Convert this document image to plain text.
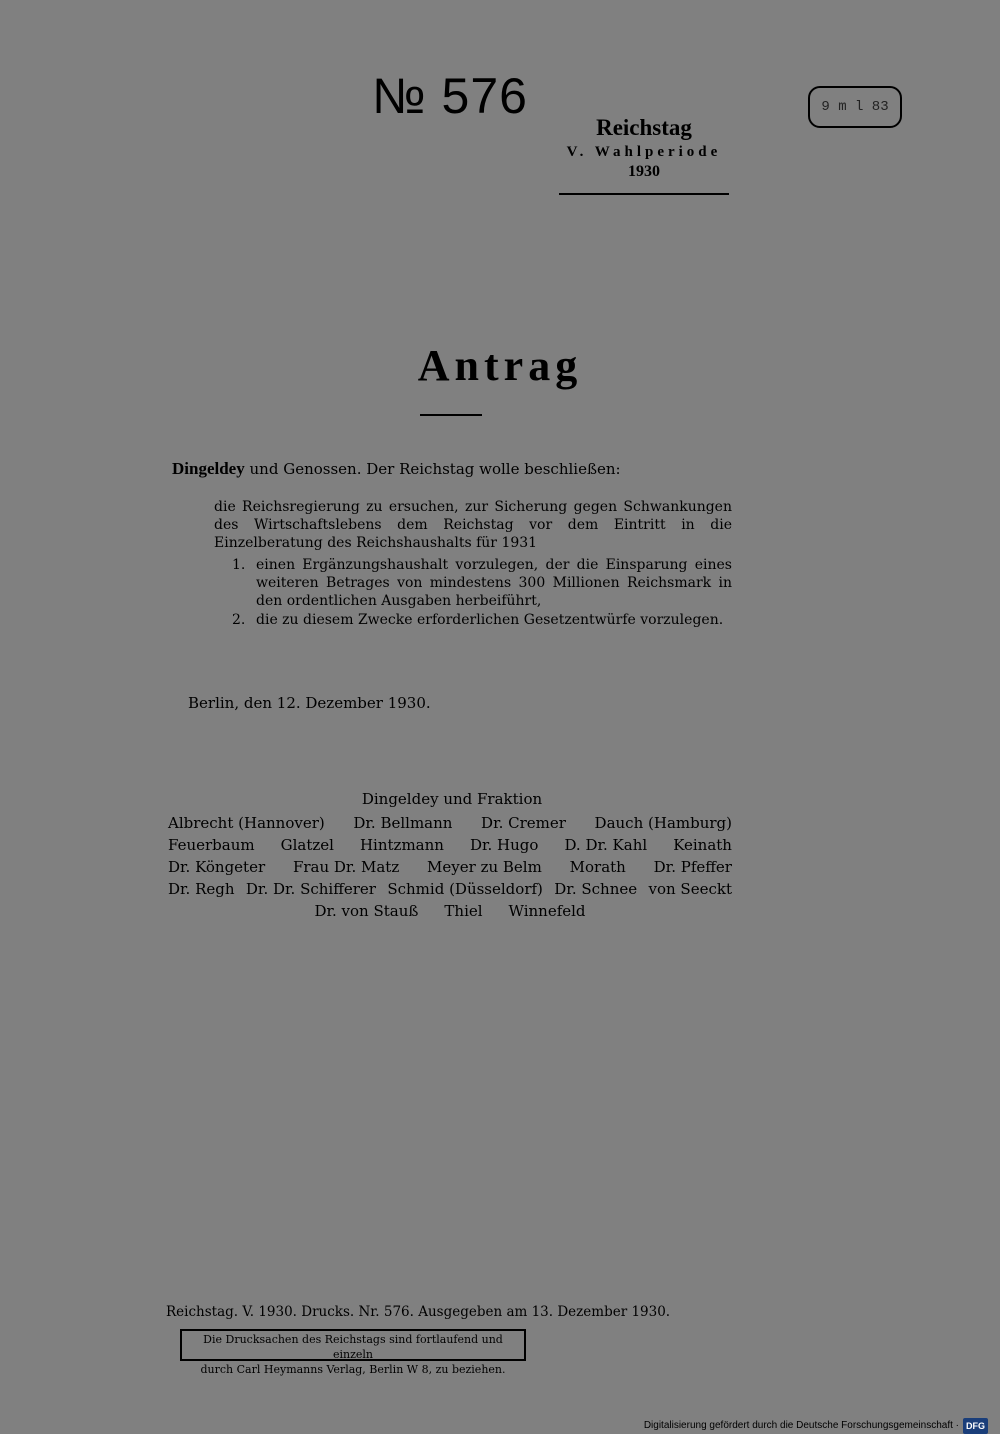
№ 576	9 m l 83
Reichstag
V. Wahlperiode
1930
Antrag
Dingeldey und Genossen. Der Reichstag wolle beschließen:
die Reichsregierung zu ersuchen, zur Sicherung gegen Schwankungen des Wirtschaftslebens dem Reichstag vor dem Eintritt in die Einzelberatung des Reichshaushalts für 1931
1. einen Ergänzungshaushalt vorzulegen, der die Einsparung eines weiteren Betrages von mindestens 300 Millionen Reichsmark in den ordentlichen Ausgaben herbeiführt,
2. die zu diesem Zwecke erforderlichen Gesetzentwürfe vorzulegen.
Berlin, den 12. Dezember 1930.
Dingeldey und Fraktion
Albrecht (Hannover) Dr. Bellmann Dr. Cremer Dauch (Hamburg)
Feuerbaum Glatzel Hintzmann Dr. Hugo D. Dr. Kahl Keinath
Dr. Köngeter Frau Dr. Matz Meyer zu Belm Morath Dr. Pfeffer
Dr. Regh Dr. Dr. Schifferer Schmid (Düsseldorf) Dr. Schnee von Seeckt
Dr. von Stauß Thiel Winnefeld
Reichstag. V. 1930. Drucks. Nr. 576. Ausgegeben am 13. Dezember 1930.
Die Drucksachen des Reichstags sind fortlaufend und einzeln
durch Carl Heymanns Verlag, Berlin W 8, zu beziehen.
Digitalisierung gefördert durch die Deutsche Forschungsgemeinschaft · DFG
